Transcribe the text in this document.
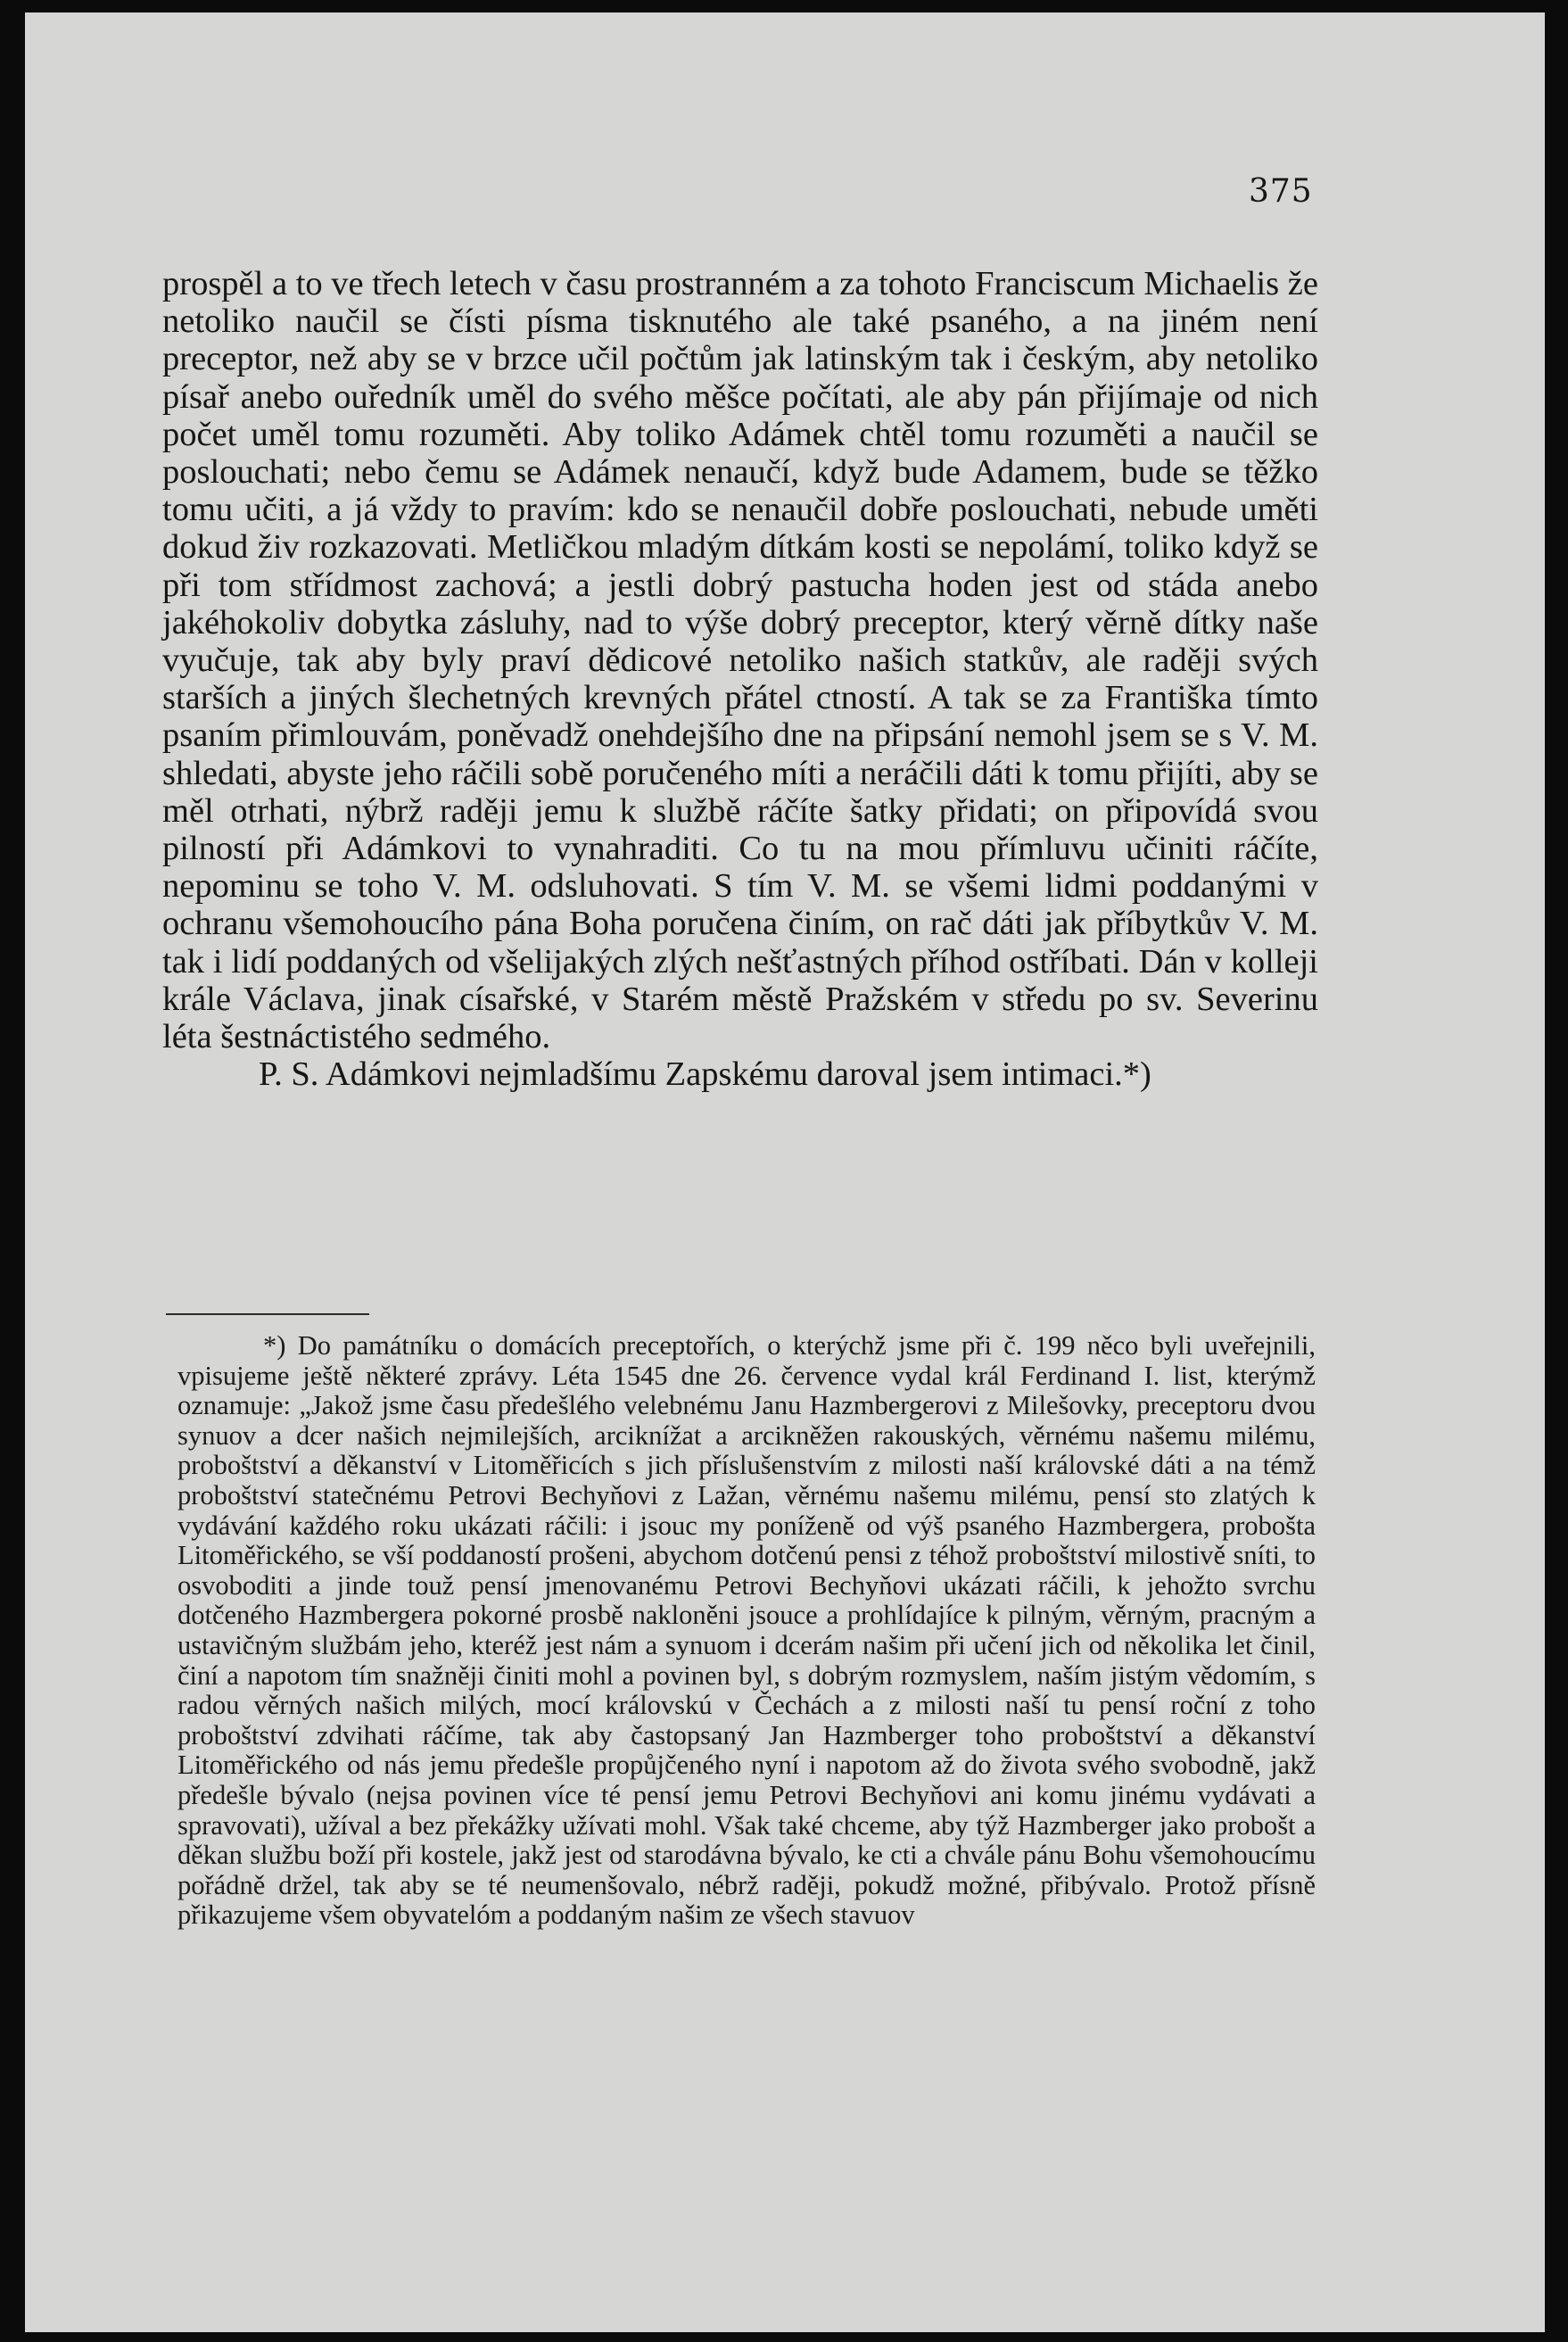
375

prospěl a to ve třech letech v času prostranném a za tohoto Franciscum Michaelis že netoliko naučil se čísti písma tisknutého ale také psaného, a na jiném není preceptor, než aby se v brzce učil počtům jak latinským tak i českým, aby netoliko písař anebo ouředník uměl do svého měšce počítati, ale aby pán přijímaje od nich počet uměl tomu rozuměti. Aby toliko Adámek chtěl tomu rozuměti a naučil se poslouchati; nebo čemu se Adámek nenaučí, když bude Adamem, bude se těžko tomu učiti, a já vždy to pravím: kdo se nenaučil dobře poslouchati, nebude uměti dokud živ rozkazovati. Metličkou mladým dítkám kosti se nepolámí, toliko když se při tom střídmost zachová; a jestli dobrý pastucha hoden jest od stáda anebo jakéhokoliv dobytka zásluhy, nad to výše dobrý preceptor, který věrně dítky naše vyučuje, tak aby byly praví dědicové netoliko našich statkův, ale raději svých starších a jiných šlechetných krevných přátel ctností. A tak se za Františka tímto psaním přimlouvám, poněvadž onehdejšího dne na připsání nemohl jsem se s V. M. shledati, abyste jeho ráčili sobě poručeného míti a neráčili dáti k tomu přijíti, aby se měl otrhati, nýbrž raději jemu k službě ráčíte šatky přidati; on připovídá svou pilností při Adámkovi to vynahraditi. Co tu na mou přímluvu učiniti ráčíte, nepominu se toho V. M. odsluhovati. S tím V. M. se všemi lidmi poddanými v ochranu všemohoucího pána Boha poručena činím, on rač dáti jak příbytkův V. M. tak i lidí poddaných od všelijakých zlých nešťastných příhod ostříbati. Dán v kolleji krále Václava, jinak císařské, v Starém městě Pražském v středu po sv. Severinu léta šestnáctistého sedmého.

P. S. Adámkovi nejmladšímu Zapskému daroval jsem intimaci.*)

*) Do památníku o domácích preceptořích, o kterýchž jsme při č. 199 něco byli uveřejnili, vpisujeme ještě některé zprávy. Léta 1545 dne 26. července vydal král Ferdinand I. list, kterýmž oznamuje: „Jakož jsme času předešlého velebnému Janu Hazmbergerovi z Milešovky, preceptoru dvou synuov a dcer našich nejmilejších, arciknížat a arcikněžen rakouských, věrnému našemu milému, proboštství a děkanství v Litoměřicích s jich příslušenstvím z milosti naší královské dáti a na témž proboštství statečnému Petrovi Bechyňovi z Lažan, věrnému našemu milému, pensí sto zlatých k vydávání každého roku ukázati ráčili: i jsouc my poníženě od výš psaného Hazmbergera, probošta Litoměřického, se vší poddaností prošeni, abychom dotčenú pensi z téhož proboštství milostivě sníti, to osvoboditi a jinde touž pensí jmenovanému Petrovi Bechyňovi ukázati ráčili, k jehožto svrchu dotčeného Hazmbergera pokorné prosbě nakloněni jsouce a prohlídajíce k pilným, věrným, pracným a ustavičným službám jeho, kteréž jest nám a synuom i dcerám našim při učení jich od několika let činil, činí a napotom tím snažněji činiti mohl a povinen byl, s dobrým rozmyslem, naším jistým vědomím, s radou věrných našich milých, mocí královskú v Čechách a z milosti naší tu pensí roční z toho proboštství zdvihati ráčíme, tak aby častopsaný Jan Hazmberger toho proboštství a děkanství Litoměřického od nás jemu předešle propůjčeného nyní i napotom až do života svého svobodně, jakž předešle bývalo (nejsa povinen více té pensí jemu Petrovi Bechyňovi ani komu jinému vydávati a spravovati), užíval a bez překážky užívati mohl. Však také chceme, aby týž Hazmberger jako probošt a děkan službu boží při kostele, jakž jest od starodávna bývalo, ke cti a chvále pánu Bohu všemohoucímu pořádně držel, tak aby se té neumenšovalo, nébrž raději, pokudž možné, přibývalo. Protož přísně přikazujeme všem obyvatelóm a poddaným našim ze všech stavuov
